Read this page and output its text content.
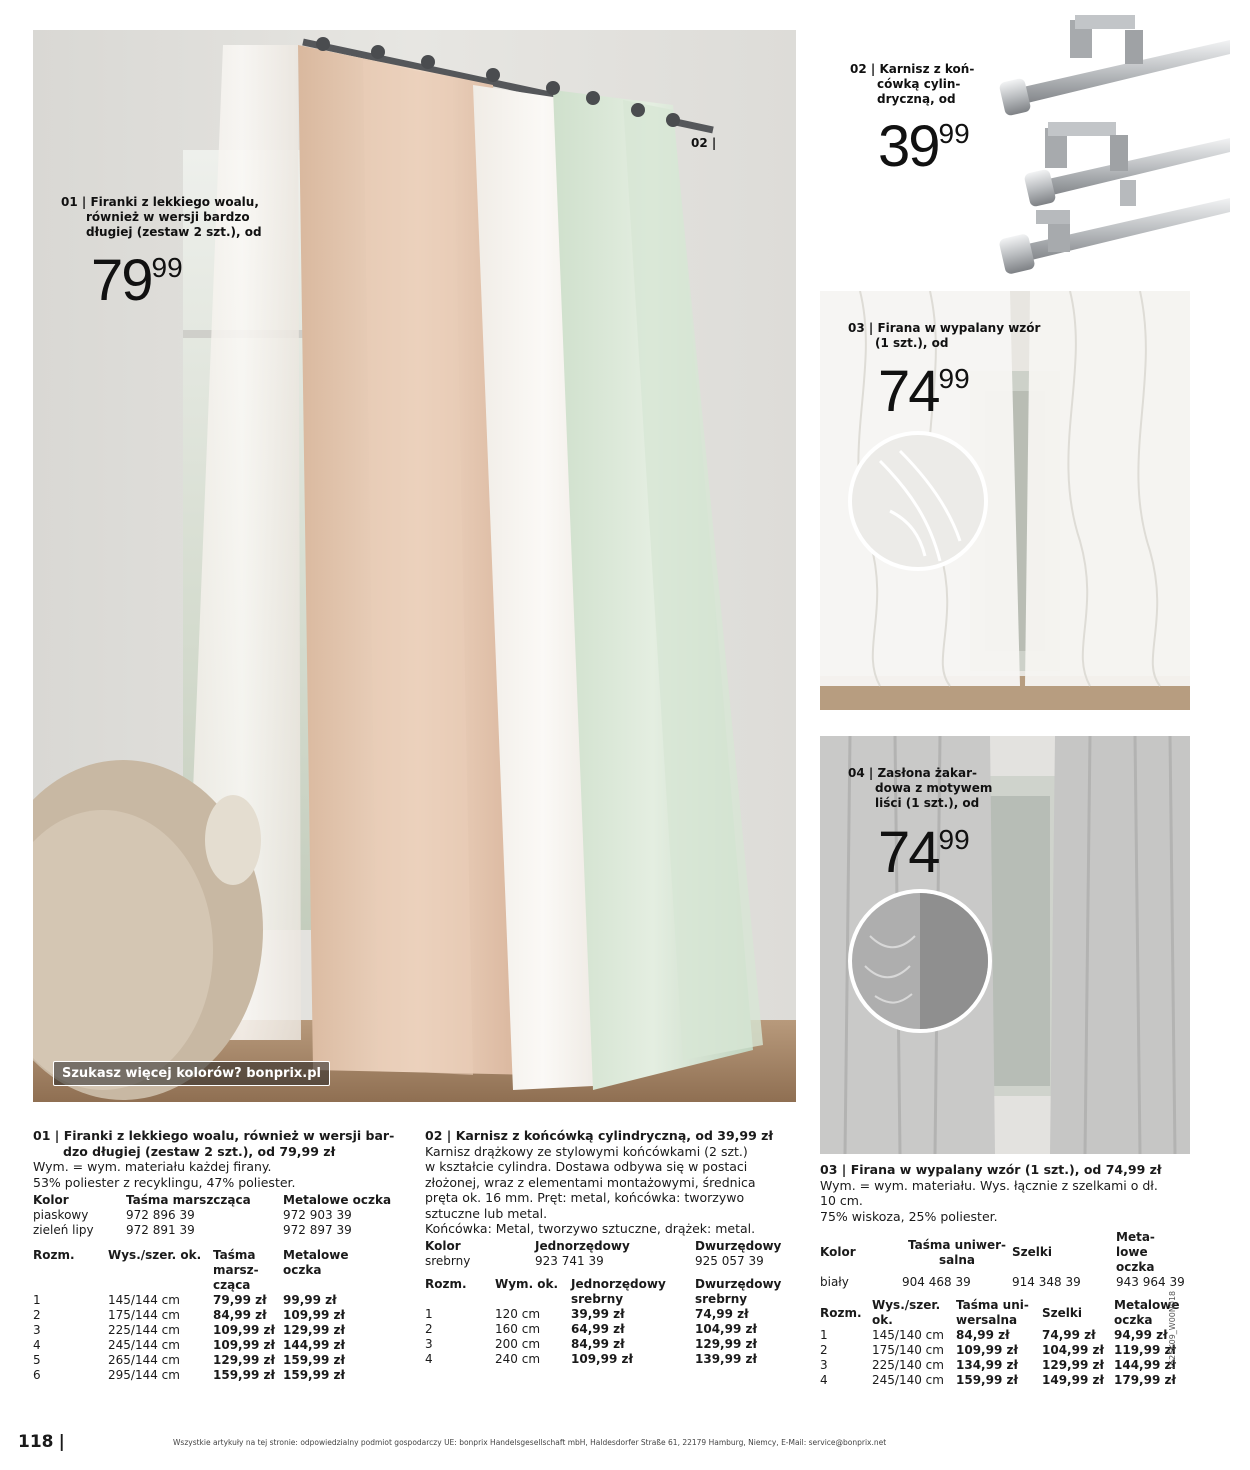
01 | Firanki z lekkiego woalu,
również w wersji bardzo
długiej (zestaw 2 szt.), od
7999
02 |
Szukasz więcej kolorów? bonprix.pl
02 | Karnisz z koń-
cówką cylin-
dryczną, od
3999
03 | Firana w wypalany wzór
(1 szt.), od
7499
04 | Zasłona żakar-
dowa z motywem
liści (1 szt.), od
7499
01 | Firanki z lekkiego woalu, również w wersji bar-
dzo długiej (zestaw 2 szt.), od 79,99 zł
Wym. = wym. materiału każdej firany.
53% poliester z recyklingu, 47% poliester.
Kolor	Taśma marszcząca	Metalowe oczka
piaskowy	972 896 39	972 903 39
zieleń lipy	972 891 39	972 897 39
Rozm.	Wys./szer. ok.	Taśma marsz-
cząca	Metalowe
oczka
1	145/144 cm	79,99 zł	99,99 zł
2	175/144 cm	84,99 zł	109,99 zł
3	225/144 cm	109,99 zł	129,99 zł
4	245/144 cm	109,99 zł	144,99 zł
5	265/144 cm	129,99 zł	159,99 zł
6	295/144 cm	159,99 zł	159,99 zł
02 | Karnisz z końcówką cylindryczną, od 39,99 zł
Karnisz drążkowy ze stylowymi końcówkami (2 szt.)
w kształcie cylindra. Dostawa odbywa się w postaci
złożonej, wraz z elementami montażowymi, średnica
pręta ok. 16 mm. Pręt: metal, końcówka: tworzywo
sztuczne lub metal.
Końcówka: Metal, tworzywo sztuczne, drążek: metal.
Kolor	Jednorzędowy	Dwurzędowy
srebrny	923 741 39	925 057 39
Rozm.	Wym. ok.	Jednorzędowy
srebrny	Dwurzędowy
srebrny
1	120 cm	39,99 zł	74,99 zł
2	160 cm	64,99 zł	104,99 zł
3	200 cm	84,99 zł	129,99 zł
4	240 cm	109,99 zł	139,99 zł
03 | Firana w wypalany wzór (1 szt.), od 74,99 zł
Wym. = wym. materiału. Wys. łącznie z szelkami o dł.
10 cm.
75% wiskoza, 25% poliester.
Kolor	Taśma uniwer-
salna	Szelki	Meta-
lowe
oczka
biały	904 468 39	914 348 39	943 964 39
Rozm.	Wys./szer.
ok.	Taśma uni-
wersalna	Szelki	Metalowe
oczka
1	145/140 cm	84,99 zł	74,99 zł	94,99 zł
2	175/140 cm	109,99 zł	104,99 zł	119,99 zł
3	225/140 cm	134,99 zł	129,99 zł	144,99 zł
4	245/140 cm	159,99 zł	149,99 zł	179,99 zł
1525K09_W00N018
118 |	Wszystkie artykuły na tej stronie: odpowiedzialny podmiot gospodarczy UE: bonprix Handelsgesellschaft mbH, Haldesdorfer Straße 61, 22179 Hamburg, Niemcy, E-Mail: service@bonprix.net
